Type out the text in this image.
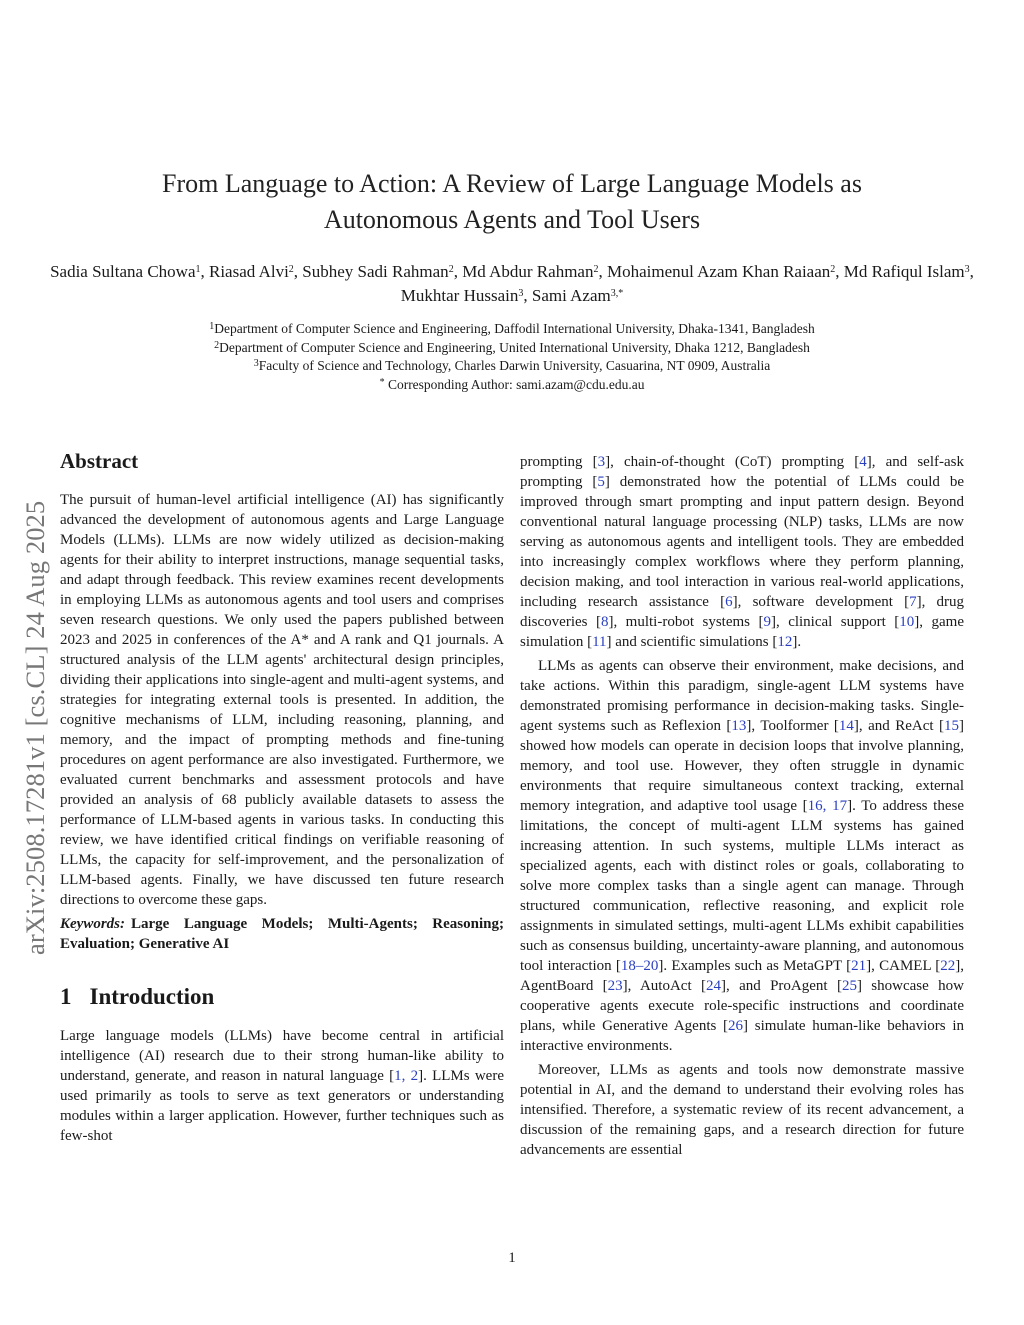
arXiv:2508.17281v1 [cs.CL] 24 Aug 2025
From Language to Action: A Review of Large Language Models as
Autonomous Agents and Tool Users
Sadia Sultana Chowa$^1$, Riasad Alvi$^2$, Subhey Sadi Rahman$^2$, Md Abdur Rahman$^2$, Mohaimenul Azam Khan Raiaan$^2$, Md Rafiqul Islam$^3$, Mukhtar Hussain$^3$, Sami Azam$^{3,*}$

$^1$Department of Computer Science and Engineering, Daffodil International University, Dhaka-1341, Bangladesh

$^2$Department of Computer Science and Engineering, United International University, Dhaka 1212, Bangladesh

$^3$Faculty of Science and Technology, Charles Darwin University, Casuarina, NT 0909, Australia

* Corresponding Author: sami.azam@cdu.edu.au

Abstract

The pursuit of human-level artificial intelligence (AI) has significantly advanced the development of autonomous agents and Large Language Models (LLMs). LLMs are now widely utilized as decision-making agents for their ability to interpret instructions, manage sequential tasks, and adapt through feedback. This review examines recent developments in employing LLMs as autonomous agents and tool users and comprises seven research questions. We only used the papers published between 2023 and 2025 in conferences of the A* and A rank and Q1 journals. A structured analysis of the LLM agents' architectural design principles, dividing their applications into single-agent and multi-agent systems, and strategies for integrating external tools is presented. In addition, the cognitive mechanisms of LLM, including reasoning, planning, and memory, and the impact of prompting methods and fine-tuning procedures on agent performance are also investigated. Furthermore, we evaluated current benchmarks and assessment protocols and have provided an analysis of 68 publicly available datasets to assess the performance of LLM-based agents in various tasks. In conducting this review, we have identified critical findings on verifiable reasoning of LLMs, the capacity for self-improvement, and the personalization of LLM-based agents. Finally, we have discussed ten future research directions to overcome these gaps.

Keywords: Large Language Models; Multi-Agents; Reasoning; Evaluation; Generative AI

1 Introduction

Large language models (LLMs) have become central in artificial intelligence (AI) research due to their strong human-like ability to understand, generate, and reason in natural language [1, 2]. LLMs were used primarily as tools to serve as text generators or understanding modules within a larger application. However, further techniques such as few-shot

prompting [3], chain-of-thought (CoT) prompting [4], and self-ask prompting [5] demonstrated how the potential of LLMs could be improved through smart prompting and input pattern design. Beyond conventional natural language processing (NLP) tasks, LLMs are now serving as autonomous agents and intelligent tools. They are embedded into increasingly complex workflows where they perform planning, decision making, and tool interaction in various real-world applications, including research assistance [6], software development [7], drug discoveries [8], multi-robot systems [9], clinical support [10], game simulation [11] and scientific simulations [12].

LLMs as agents can observe their environment, make decisions, and take actions. Within this paradigm, single-agent LLM systems have demonstrated promising performance in decision-making tasks. Single-agent systems such as Reflexion [13], Toolformer [14], and ReAct [15] showed how models can operate in decision loops that involve planning, memory, and tool use. However, they often struggle in dynamic environments that require simultaneous context tracking, external memory integration, and adaptive tool usage [16, 17]. To address these limitations, the concept of multi-agent LLM systems has gained increasing attention. In such systems, multiple LLMs interact as specialized agents, each with distinct roles or goals, collaborating to solve more complex tasks than a single agent can manage. Through structured communication, reflective reasoning, and explicit role assignments in simulated settings, multi-agent LLMs exhibit capabilities such as consensus building, uncertainty-aware planning, and autonomous tool interaction [18–20]. Examples such as MetaGPT [21], CAMEL [22], AgentBoard [23], AutoAct [24], and ProAgent [25] showcase how cooperative agents execute role-specific instructions and coordinate plans, while Generative Agents [26] simulate human-like behaviors in interactive environments.

Moreover, LLMs as agents and tools now demonstrate massive potential in AI, and the demand to understand their evolving roles has intensified. Therefore, a systematic review of its recent advancement, a discussion of the remaining gaps, and a research direction for future advancements are essential

1
